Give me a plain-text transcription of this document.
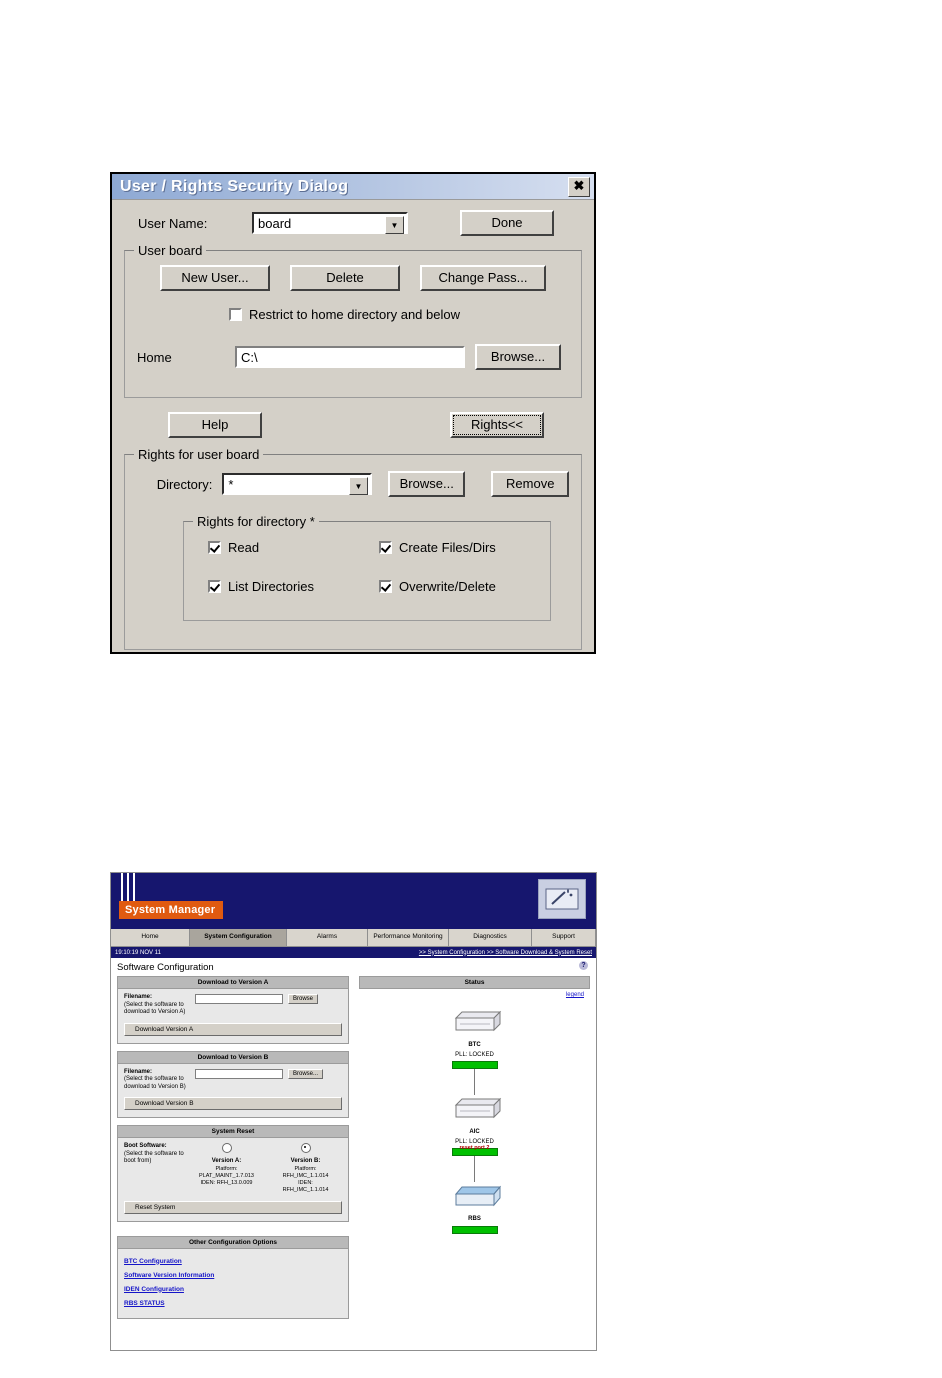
User / Rights Security Dialog	✖
User Name:	board	▼	Done
User board
New User...	Delete	Change Pass...
Restrict to home directory and below
Home	C:\	Browse...
Help	Rights<<
Rights for user board
Directory: *	▼	Browse...	Remove
Rights for directory *
Read	Create Files/Dirs
List Directories	Overwrite/Delete
System Manager
Home	System Configuration	Alarms	Performance Monitoring	Diagnostics	Support
19:10:19 NOV 11	>> System Configuration >> Software Download & System Reset
Software Configuration	?
Download to Version A
Filename:
(Select the software to download to Version A)
Browse
Download Version A
Download to Version B
Filename:
(Select the software to download to Version B)
Browse...
Download Version B
System Reset
Boot Software:
(Select the software to boot from)	Version A:
Platform:
PLAT_MAINT_1.7.013
IDEN: RFH_13.0.009

Version B:
Platform:
RFH_IMC_1.1.014
IDEN:
RFH_IMC_1.1.014
Reset System
Other Configuration Options
BTC Configuration
Software Version Information
IDEN Configuration
RBS STATUS
Status
legend
BTC
PLL: LOCKED
AIC
PLL: LOCKED
reset port 2
RBS
